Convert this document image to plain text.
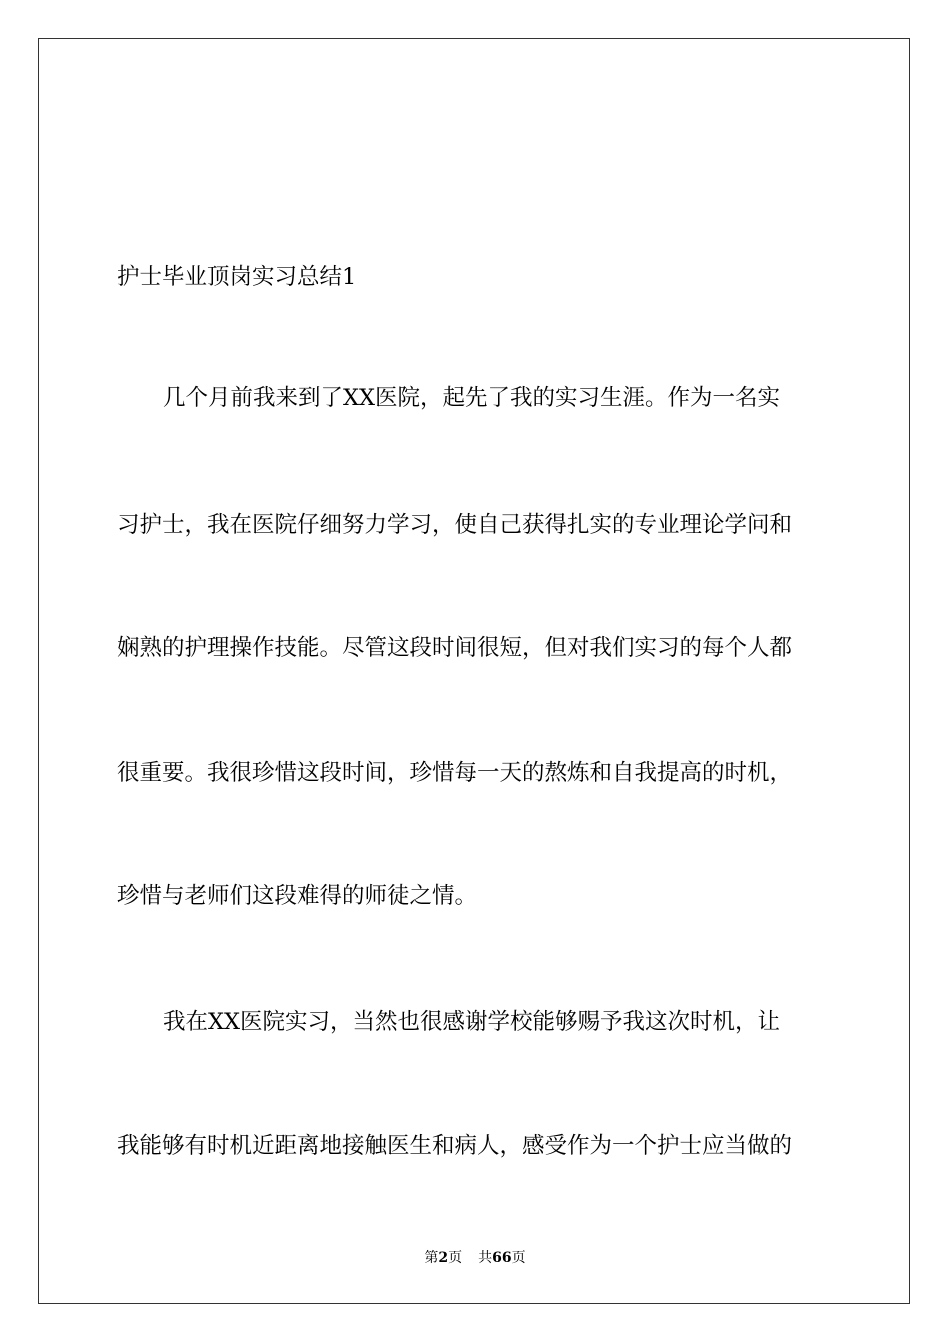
护士毕业顶岗实习总结1
几个月前我来到了XX医院，起先了我的实习生涯。作为一名实
习护士，我在医院仔细努力学习，使自己获得扎实的专业理论学问和
娴熟的护理操作技能。尽管这段时间很短，但对我们实习的每个人都
很重要。我很珍惜这段时间，珍惜每一天的熬炼和自我提高的时机，
珍惜与老师们这段难得的师徒之情。
我在XX医院实习，当然也很感谢学校能够赐予我这次时机，让
我能够有时机近距离地接触医生和病人，感受作为一个护士应当做的
第2页 共66页
